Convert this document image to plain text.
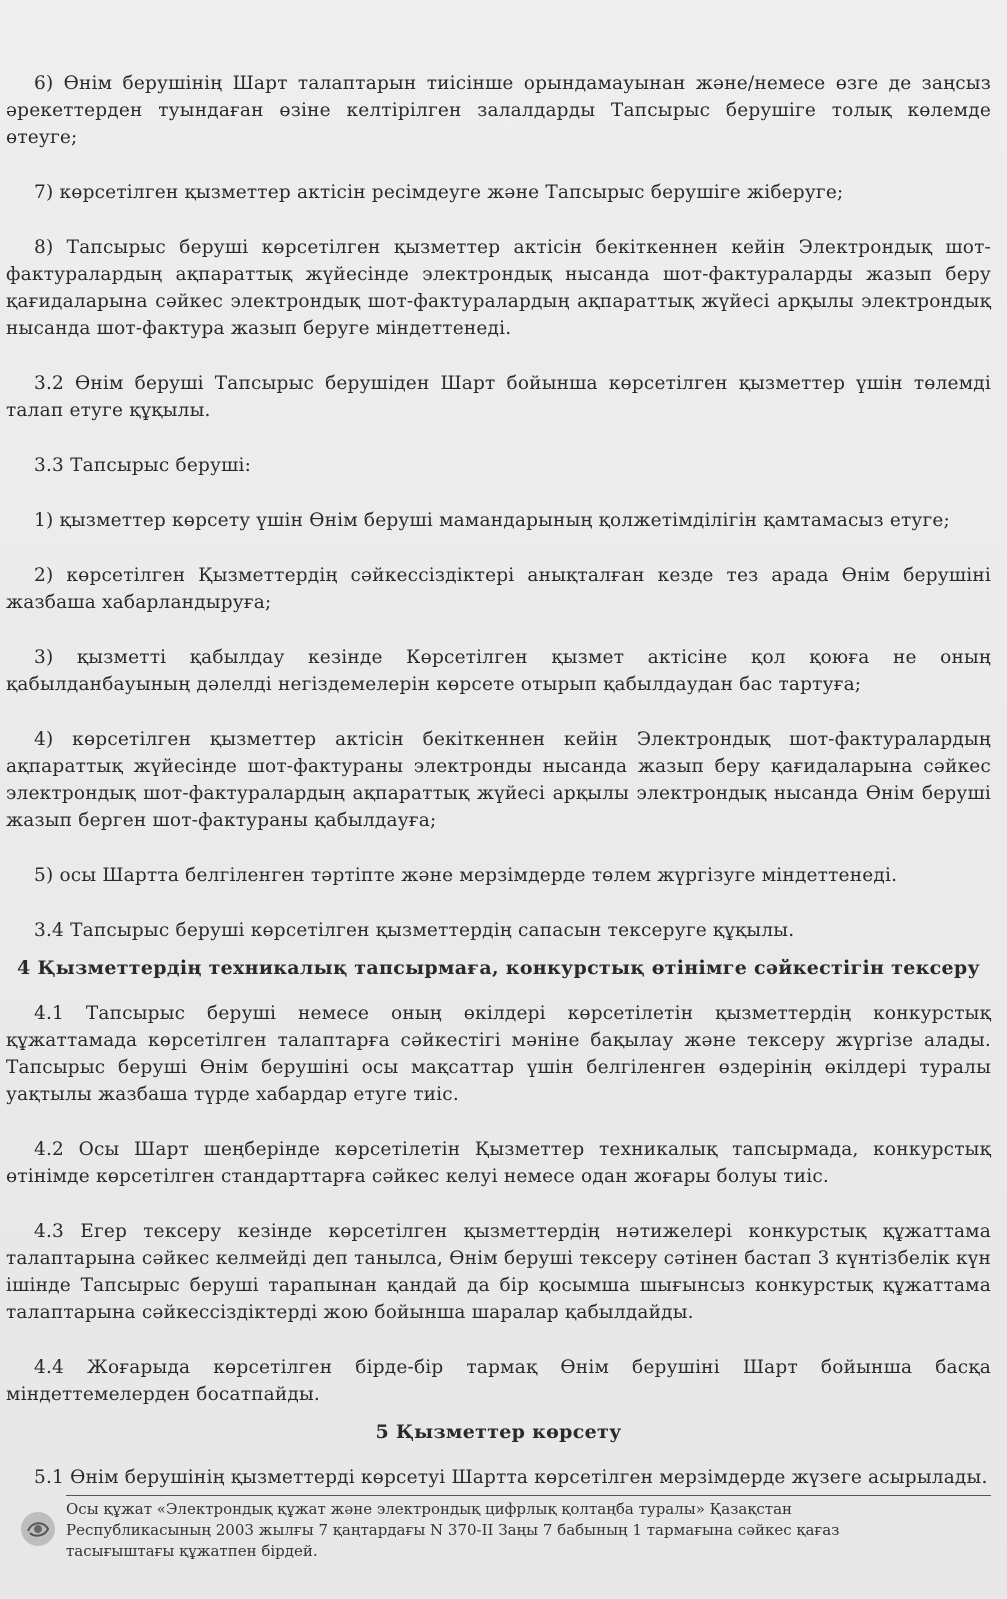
6) Өнім берушінің Шарт талаптарын тиісінше орындамауынан және/немесе өзге де заңсыз әрекеттерден туындаған өзіне келтірілген залалдарды Тапсырыс берушіге толық көлемде өтеуге;

7) көрсетілген қызметтер актісін ресімдеуге және Тапсырыс берушіге жіберуге;

8) Тапсырыс беруші көрсетілген қызметтер актісін бекіткеннен кейін Электрондық шот-фактуралардың ақпараттық жүйесінде электрондық нысанда шот-фактураларды жазып беру қағидаларына сәйкес электрондық шот-фактуралардың ақпараттық жүйесі арқылы электрондық нысанда шот-фактура жазып беруге міндеттенеді.

3.2 Өнім беруші Тапсырыс берушіден Шарт бойынша көрсетілген қызметтер үшін төлемді талап етуге құқылы.

3.3 Тапсырыс беруші:

1) қызметтер көрсету үшін Өнім беруші мамандарының қолжетімділігін қамтамасыз етуге;

2) көрсетілген Қызметтердің сәйкессіздіктері анықталған кезде тез арада Өнім берушіні жазбаша хабарландыруға;

3) қызметті қабылдау кезінде Көрсетілген қызмет актісіне қол қоюға не оның қабылданбауының дәлелді негіздемелерін көрсете отырып қабылдаудан бас тартуға;

4) көрсетілген қызметтер актісін бекіткеннен кейін Электрондық шот-фактуралардың ақпараттық жүйесінде шот-фактураны электронды нысанда жазып беру қағидаларына сәйкес электрондық шот-фактуралардың ақпараттық жүйесі арқылы электрондық нысанда Өнім беруші жазып берген шот-фактураны қабылдауға;

5) осы Шартта белгіленген тәртіпте және мерзімдерде төлем жүргізуге міндеттенеді.

3.4 Тапсырыс беруші көрсетілген қызметтердің сапасын тексеруге құқылы.

4 Қызметтердің техникалық тапсырмаға, конкурстық өтінімге сәйкестігін тексеру

4.1 Тапсырыс беруші немесе оның өкілдері көрсетілетін қызметтердің конкурстық құжаттамада көрсетілген талаптарға сәйкестігі мәніне бақылау және тексеру жүргізе алады. Тапсырыс беруші Өнім берушіні осы мақсаттар үшін белгіленген өздерінің өкілдері туралы уақтылы жазбаша түрде хабардар етуге тиіс.

4.2 Осы Шарт шеңберінде көрсетілетін Қызметтер техникалық тапсырмада, конкурстық өтінімде көрсетілген стандарттарға сәйкес келуі немесе одан жоғары болуы тиіс.

4.3 Егер тексеру кезінде көрсетілген қызметтердің нәтижелері конкурстық құжаттама талаптарына сәйкес келмейді деп танылса, Өнім беруші тексеру сәтінен бастап 3 күнтізбелік күн ішінде Тапсырыс беруші тарапынан қандай да бір қосымша шығынсыз конкурстық құжаттама талаптарына сәйкессіздіктерді жою бойынша шаралар қабылдайды.

4.4 Жоғарыда көрсетілген бірде-бір тармақ Өнім берушіні Шарт бойынша басқа міндеттемелерден босатпайды.

5 Қызметтер көрсету

5.1 Өнім берушінің қызметтерді көрсетуі Шартта көрсетілген мерзімдерде жүзеге асырылады.

Осы құжат «Электрондық құжат және электрондық цифрлық қолтаңба туралы» Қазақстан
Республикасының 2003 жылғы 7 қаңтардағы N 370-II Заңы 7 бабының 1 тармағына сәйкес қағаз
тасығыштағы құжатпен бірдей.
